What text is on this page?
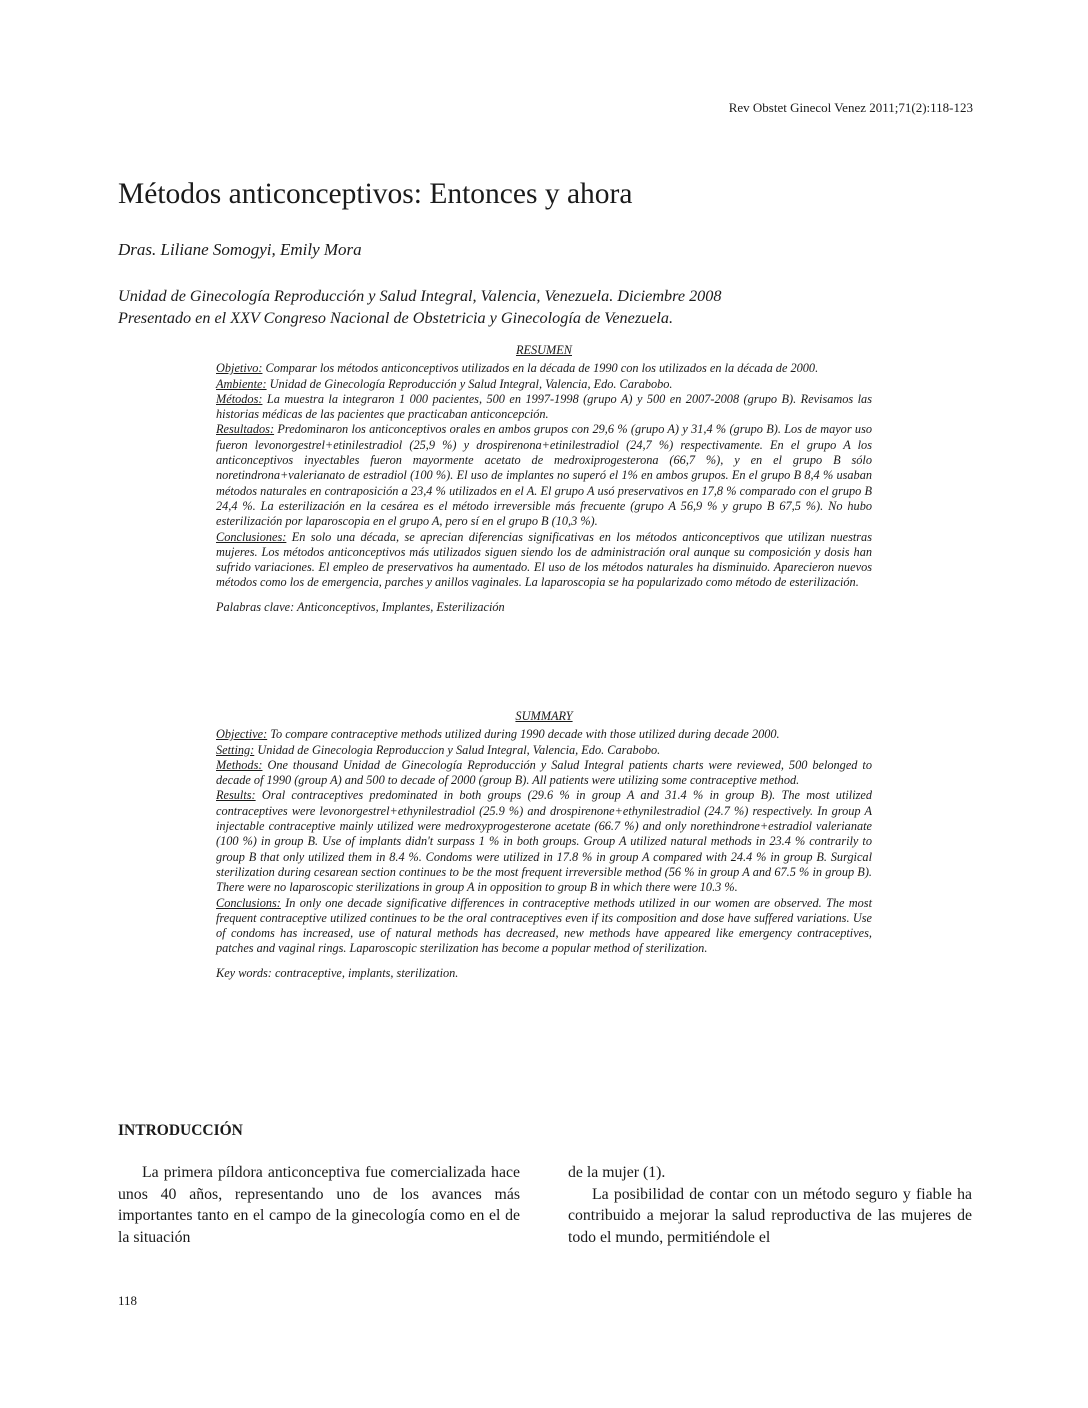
Rev Obstet Ginecol Venez 2011;71(2):118-123
Métodos anticonceptivos: Entonces y ahora
Dras. Liliane Somogyi, Emily Mora
Unidad de Ginecología Reproducción y Salud Integral, Valencia, Venezuela. Diciembre 2008
Presentado en el XXV Congreso Nacional de Obstetricia y Ginecología de Venezuela.
RESUMEN

Objetivo: Comparar los métodos anticonceptivos utilizados en la década de 1990 con los utilizados en la década de 2000.

Ambiente: Unidad de Ginecología Reproducción y Salud Integral, Valencia, Edo. Carabobo.

Métodos: La muestra la integraron 1 000 pacientes, 500 en 1997-1998 (grupo A) y 500 en 2007-2008 (grupo B). Revisamos las historias médicas de las pacientes que practicaban anticoncepción.

Resultados: Predominaron los anticonceptivos orales en ambos grupos con 29,6 % (grupo A) y 31,4 % (grupo B). Los de mayor uso fueron levonorgestrel+etinilestradiol (25,9 %) y drospirenona+etinilestradiol (24,7 %) respectivamente. En el grupo A los anticonceptivos inyectables fueron mayormente acetato de medroxiprogesterona (66,7 %), y en el grupo B sólo noretindrona+valerianato de estradiol (100 %). El uso de implantes no superó el 1% en ambos grupos. En el grupo B 8,4 % usaban métodos naturales en contraposición a 23,4 % utilizados en el A. El grupo A usó preservativos en 17,8 % comparado con el grupo B 24,4 %. La esterilización en la cesárea es el método irreversible más frecuente (grupo A 56,9 % y grupo B 67,5 %). No hubo esterilización por laparoscopia en el grupo A, pero sí en el grupo B (10,3 %).

Conclusiones: En solo una década, se aprecian diferencias significativas en los métodos anticonceptivos que utilizan nuestras mujeres. Los métodos anticonceptivos más utilizados siguen siendo los de administración oral aunque su composición y dosis han sufrido variaciones. El empleo de preservativos ha aumentado. El uso de los métodos naturales ha disminuido. Aparecieron nuevos métodos como los de emergencia, parches y anillos vaginales. La laparoscopia se ha popularizado como método de esterilización.

Palabras clave: Anticonceptivos, Implantes, Esterilización

SUMMARY

Objective: To compare contraceptive methods utilized during 1990 decade with those utilized during decade 2000.

Setting: Unidad de Ginecologia Reproduccion y Salud Integral, Valencia, Edo. Carabobo.

Methods: One thousand Unidad de Ginecología Reproducción y Salud Integral patients charts were reviewed, 500 belonged to decade of 1990 (group A) and 500 to decade of 2000 (group B). All patients were utilizing some contraceptive method.

Results: Oral contraceptives predominated in both groups (29.6 % in group A and 31.4 % in group B). The most utilized contraceptives were levonorgestrel+ethynilestradiol (25.9 %) and drospirenone+ethynilestradiol (24.7 %) respectively. In group A injectable contraceptive mainly utilized were medroxyprogesterone acetate (66.7 %) and only norethindrone+estradiol valerianate (100 %) in group B. Use of implants didn't surpass 1 % in both groups. Group A utilized natural methods in 23.4 % contrarily to group B that only utilized them in 8.4 %. Condoms were utilized in 17.8 % in group A compared with 24.4 % in group B. Surgical sterilization during cesarean section continues to be the most frequent irreversible method (56 % in group A and 67.5 % in group B). There were no laparoscopic sterilizations in group A in opposition to group B in which there were 10.3 %.

Conclusions: In only one decade significative differences in contraceptive methods utilized in our women are observed. The most frequent contraceptive utilized continues to be the oral contraceptives even if its composition and dose have suffered variations. Use of condoms has increased, use of natural methods has decreased, new methods have appeared like emergency contraceptives, patches and vaginal rings. Laparoscopic sterilization has become a popular method of sterilization.

Key words: contraceptive, implants, sterilization.

INTRODUCCIÓN

La primera píldora anticonceptiva fue comercializada hace unos 40 años, representando uno de los avances más importantes tanto en el campo de la ginecología como en el de la situación

de la mujer (1).

La posibilidad de contar con un método seguro y fiable ha contribuido a mejorar la salud reproductiva de las mujeres de todo el mundo, permitiéndole el

118
